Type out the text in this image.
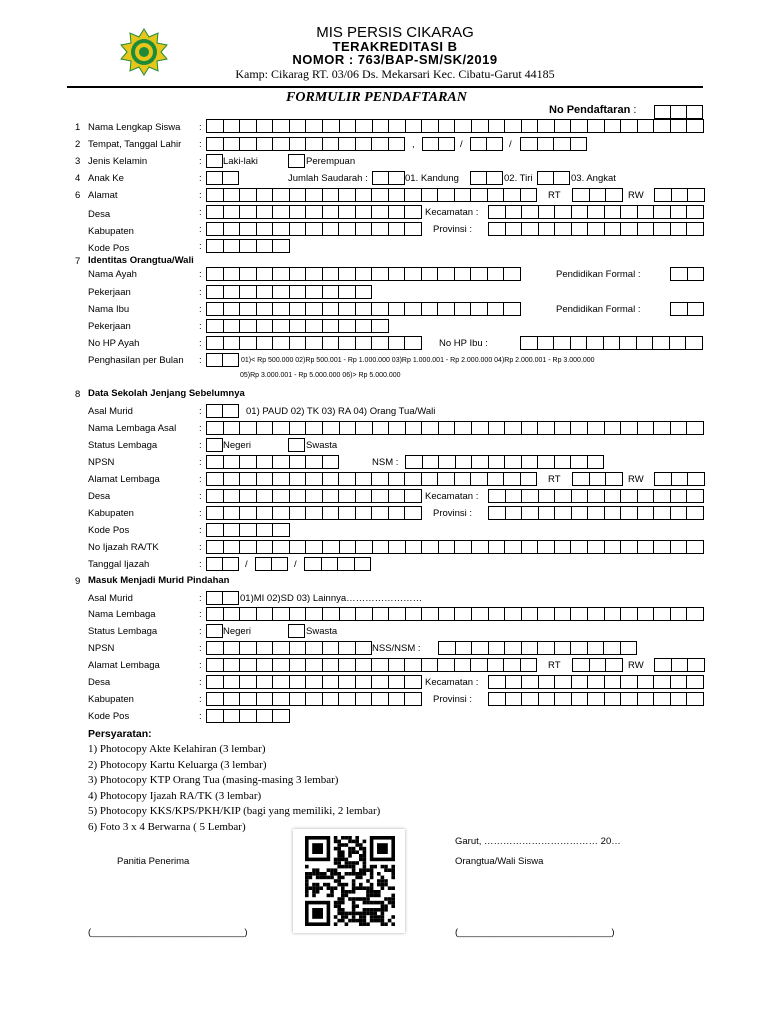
MIS PERSIS CIKARAG
TERAKREDITASI B
NOMOR : 763/BAP-SM/SK/2019
Kamp: Cikarag RT. 03/06 Ds. Mekarsari Kec. Cibatu-Garut 44185
FORMULIR PENDAFTARAN
No Pendaftaran :
1 Nama Lengkap Siswa :
2 Tempat, Tanggal Lahir :	,	/	/
3 Jenis Kelamin	: Laki-laki	Perempuan
4 Anak Ke	:	Jumlah Saudarah :	01. Kandung	02. Tiri	03. Angkat
6 Alamat	:	RT	RW
Desa	:	Kecamatan :
Kabupaten	:	Provinsi :
Kode Pos	:
7 Identitas Orangtua/Wali
Nama Ayah	:	Pendidikan Formal :
Pekerjaan	:
Nama Ibu	:	Pendidikan Formal :
Pekerjaan	:
No HP Ayah	:	No HP Ibu :
Penghasilan per Bulan :	01)< Rp 500.000 02)Rp 500.001 - Rp 1.000.000 03)Rp 1.000.001 - Rp 2.000.000 04)Rp 2.000.001 - Rp 3.000.000
05)Rp 3.000.001 - Rp 5.000.000 06)> Rp 5.000.000
8 Data Sekolah Jenjang Sebelumnya
Asal Murid	:	01) PAUD 02) TK 03) RA 04) Orang Tua/Wali
Nama Lembaga Asal :
Status Lembaga	: Negeri	Swasta
NPSN	:	NSM :
Alamat Lembaga	:	RT	RW
Desa	:	Kecamatan :
Kabupaten	:	Provinsi :
Kode Pos	:
No Ijazah RA/TK	:
Tanggal Ijazah	:	/	/
9 Masuk Menjadi Murid Pindahan
Asal Murid	:	01)MI 02)SD 03) Lainnya……………………
Nama Lembaga	:
Status Lembaga	: Negeri	Swasta
NPSN	:	NSS/NSM :
Alamat Lembaga	:	RT	RW
Desa	:	Kecamatan :
Kabupaten	:	Provinsi :
Kode Pos	:
Persyaratan:
1) Photocopy Akte Kelahiran (3 lembar)
2) Photocopy Kartu Keluarga (3 lembar)
3) Photocopy KTP Orang Tua (masing-masing 3 lembar)
4) Photocopy Ijazah RA/TK (3 lembar)
5) Photocopy KKS/KPS/PKH/KIP (bagi yang memiliki, 2 lembar)
6) Foto 3 x 4 Berwarna ( 5 Lembar)
Garut, ……………………………… 20…
Panitia Penerima	Orangtua/Wali Siswa
(_____________________________)	(_____________________________)
